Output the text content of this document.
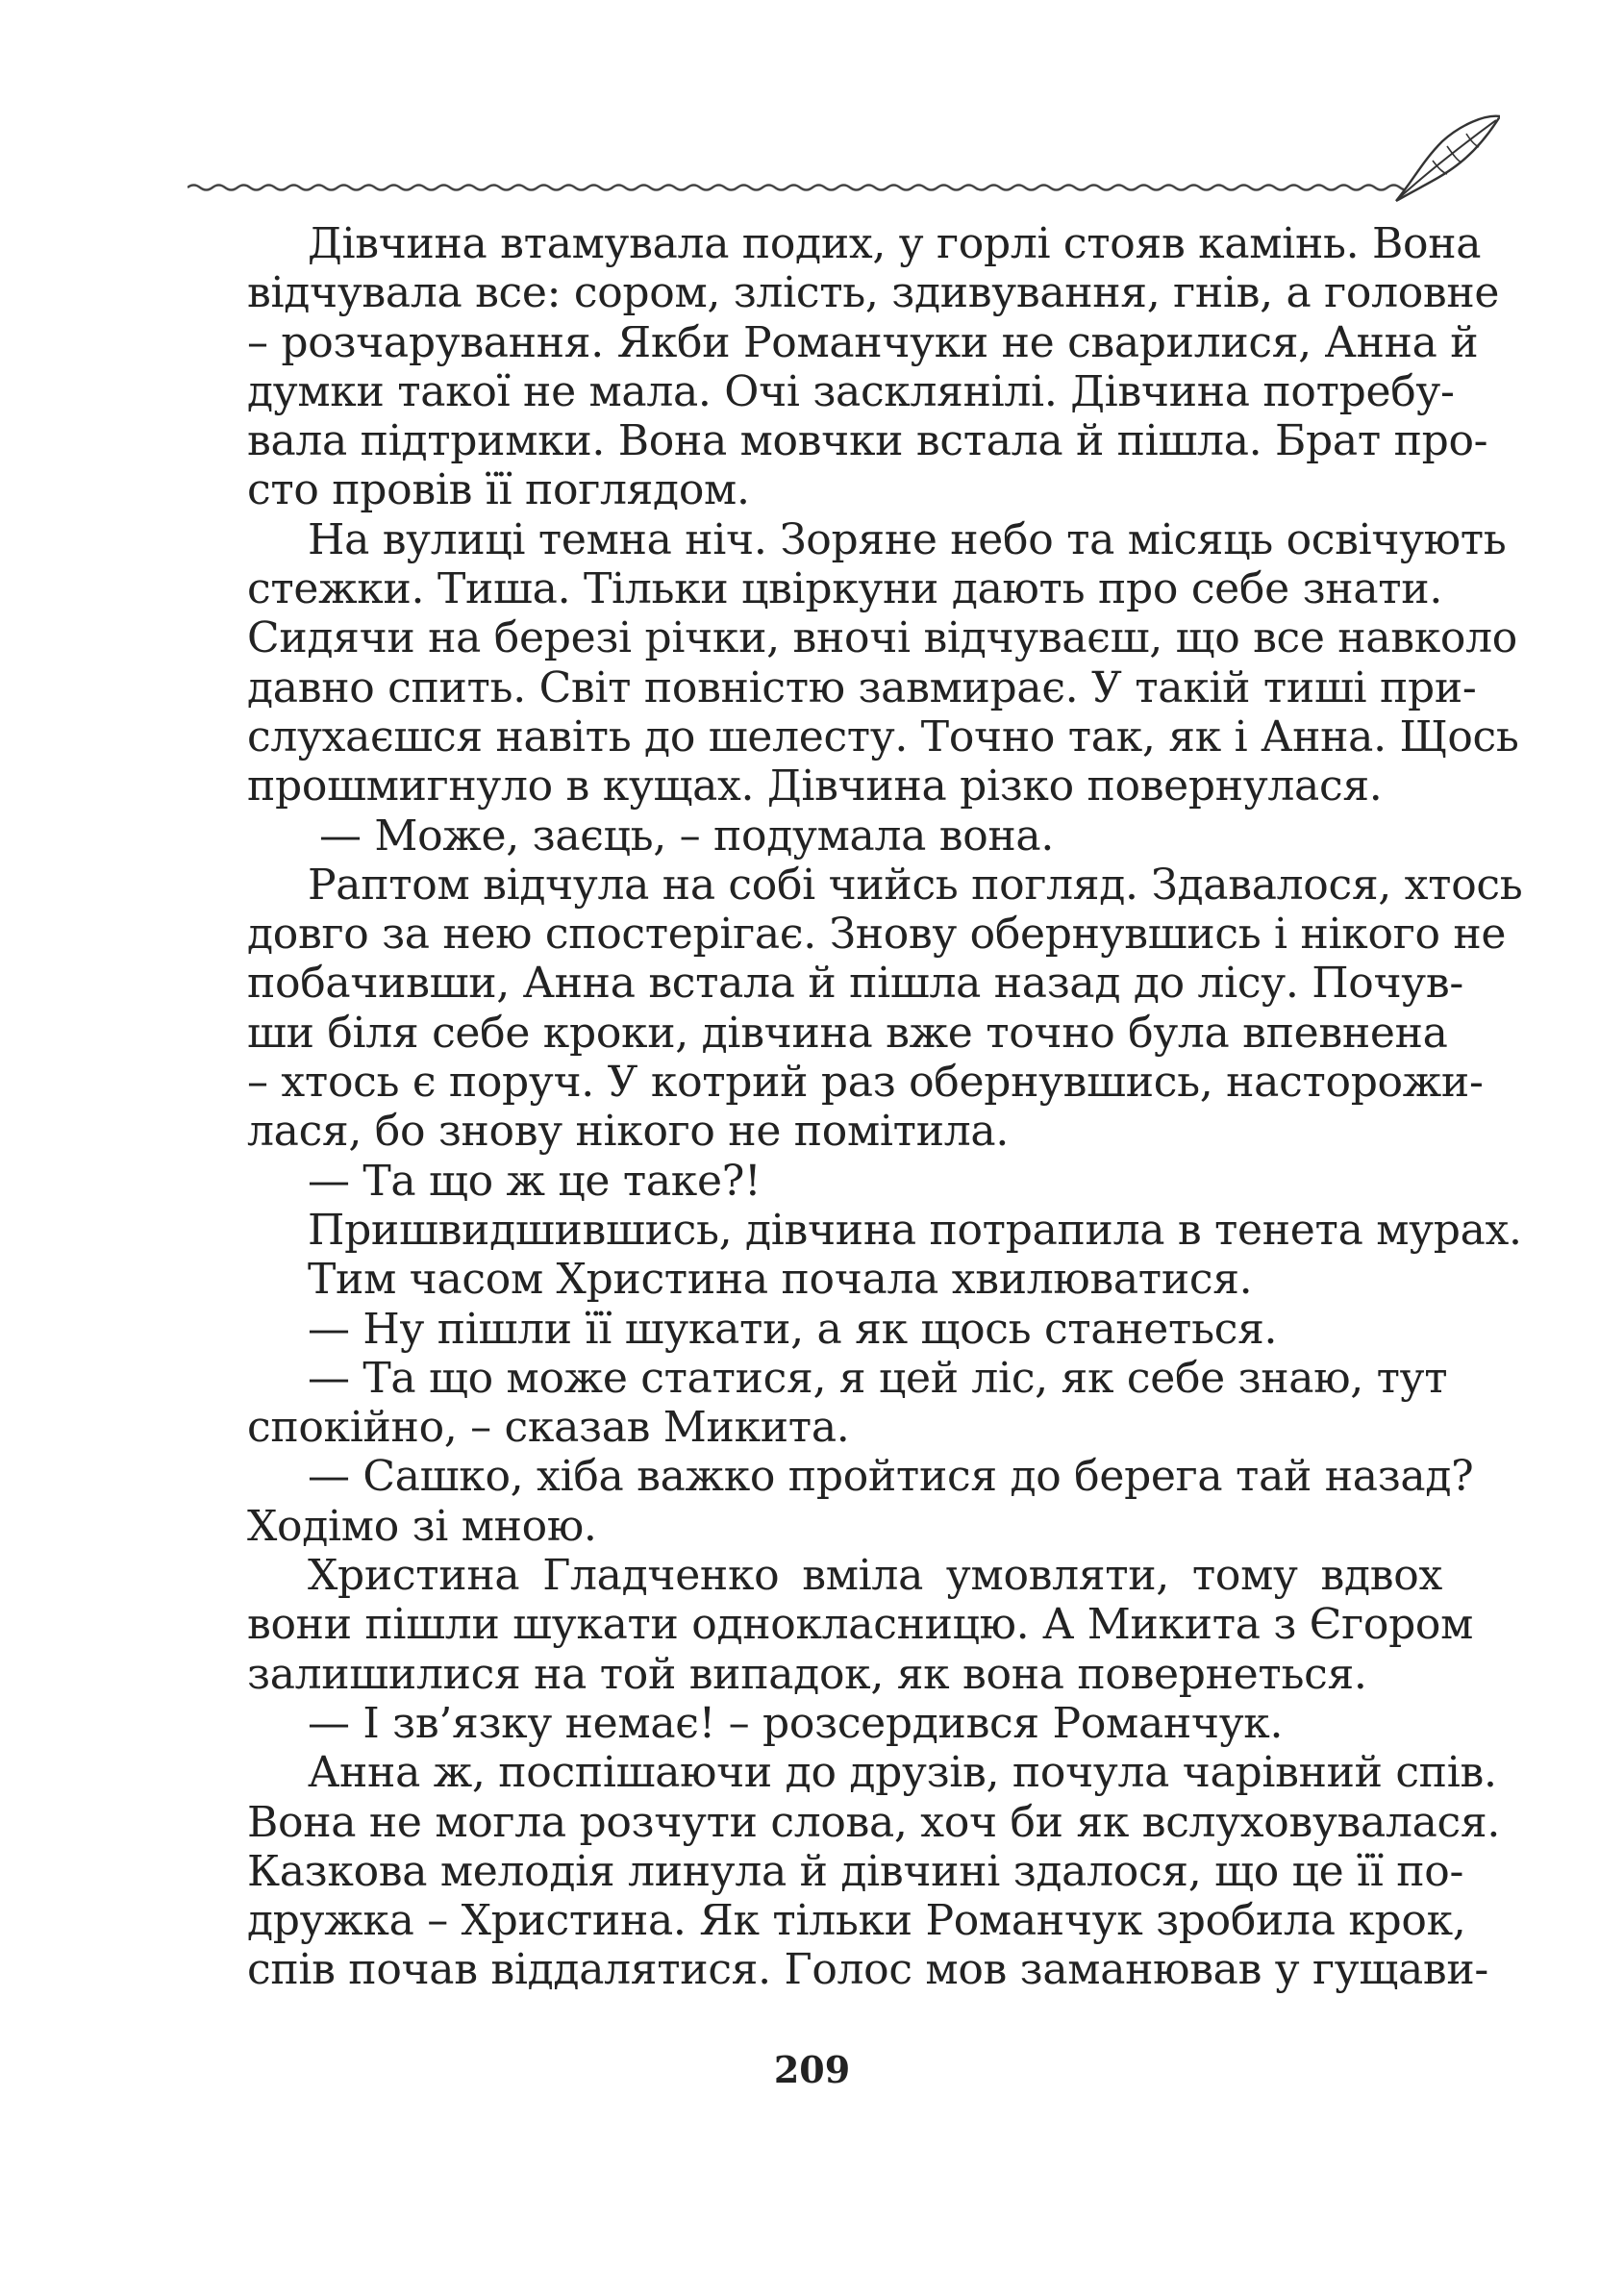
Дівчина втамувала подих, у горлі стояв камінь. Вона
відчувала все: сором, злість, здивування, гнів, а головне
– розчарування. Якби Романчуки не сварилися, Анна й
думки такої не мала. Очі засклянілі. Дівчина потребу-
вала підтримки. Вона мовчки встала й пішла. Брат про-
сто провів її поглядом.
На вулиці темна ніч. Зоряне небо та місяць освічують
стежки. Тиша. Тільки цвіркуни дають про себе знати.
Сидячи на березі річки, вночі відчуваєш, що все навколо
давно спить. Світ повністю завмирає. У такій тиші при-
слухаєшся навіть до шелесту. Точно так, як і Анна. Щось
прошмигнуло в кущах. Дівчина різко повернулася.
— Може, заєць, – подумала вона.
Раптом відчула на собі чийсь погляд. Здавалося, хтось
довго за нею спостерігає. Знову обернувшись і нікого не
побачивши, Анна встала й пішла назад до лісу. Почув-
ши біля себе кроки, дівчина вже точно була впевнена
– хтось є поруч. У котрий раз обернувшись, насторожи-
лася, бо знову нікого не помітила.
— Та що ж це таке?!
Пришвидшившись, дівчина потрапила в тенета мурах.
Тим часом Христина почала хвилюватися.
— Ну пішли її шукати, а як щось станеться.
— Та що може статися, я цей ліс, як себе знаю, тут
спокійно, – сказав Микита.
— Сашко, хіба важко пройтися до берега тай назад?
Ходімо зі мною.
Христина Гладченко вміла умовляти, тому вдвох
вони пішли шукати однокласницю. А Микита з Єгором
залишилися на той випадок, як вона повернеться.
— І зв’язку немає! – розсердився Романчук.
Анна ж, поспішаючи до друзів, почула чарівний спів.
Вона не могла розчути слова, хоч би як вслуховувалася.
Казкова мелодія линула й дівчині здалося, що це її по-
дружка – Христина. Як тільки Романчук зробила крок,
спів почав віддалятися. Голос мов заманював у гущави-
209
